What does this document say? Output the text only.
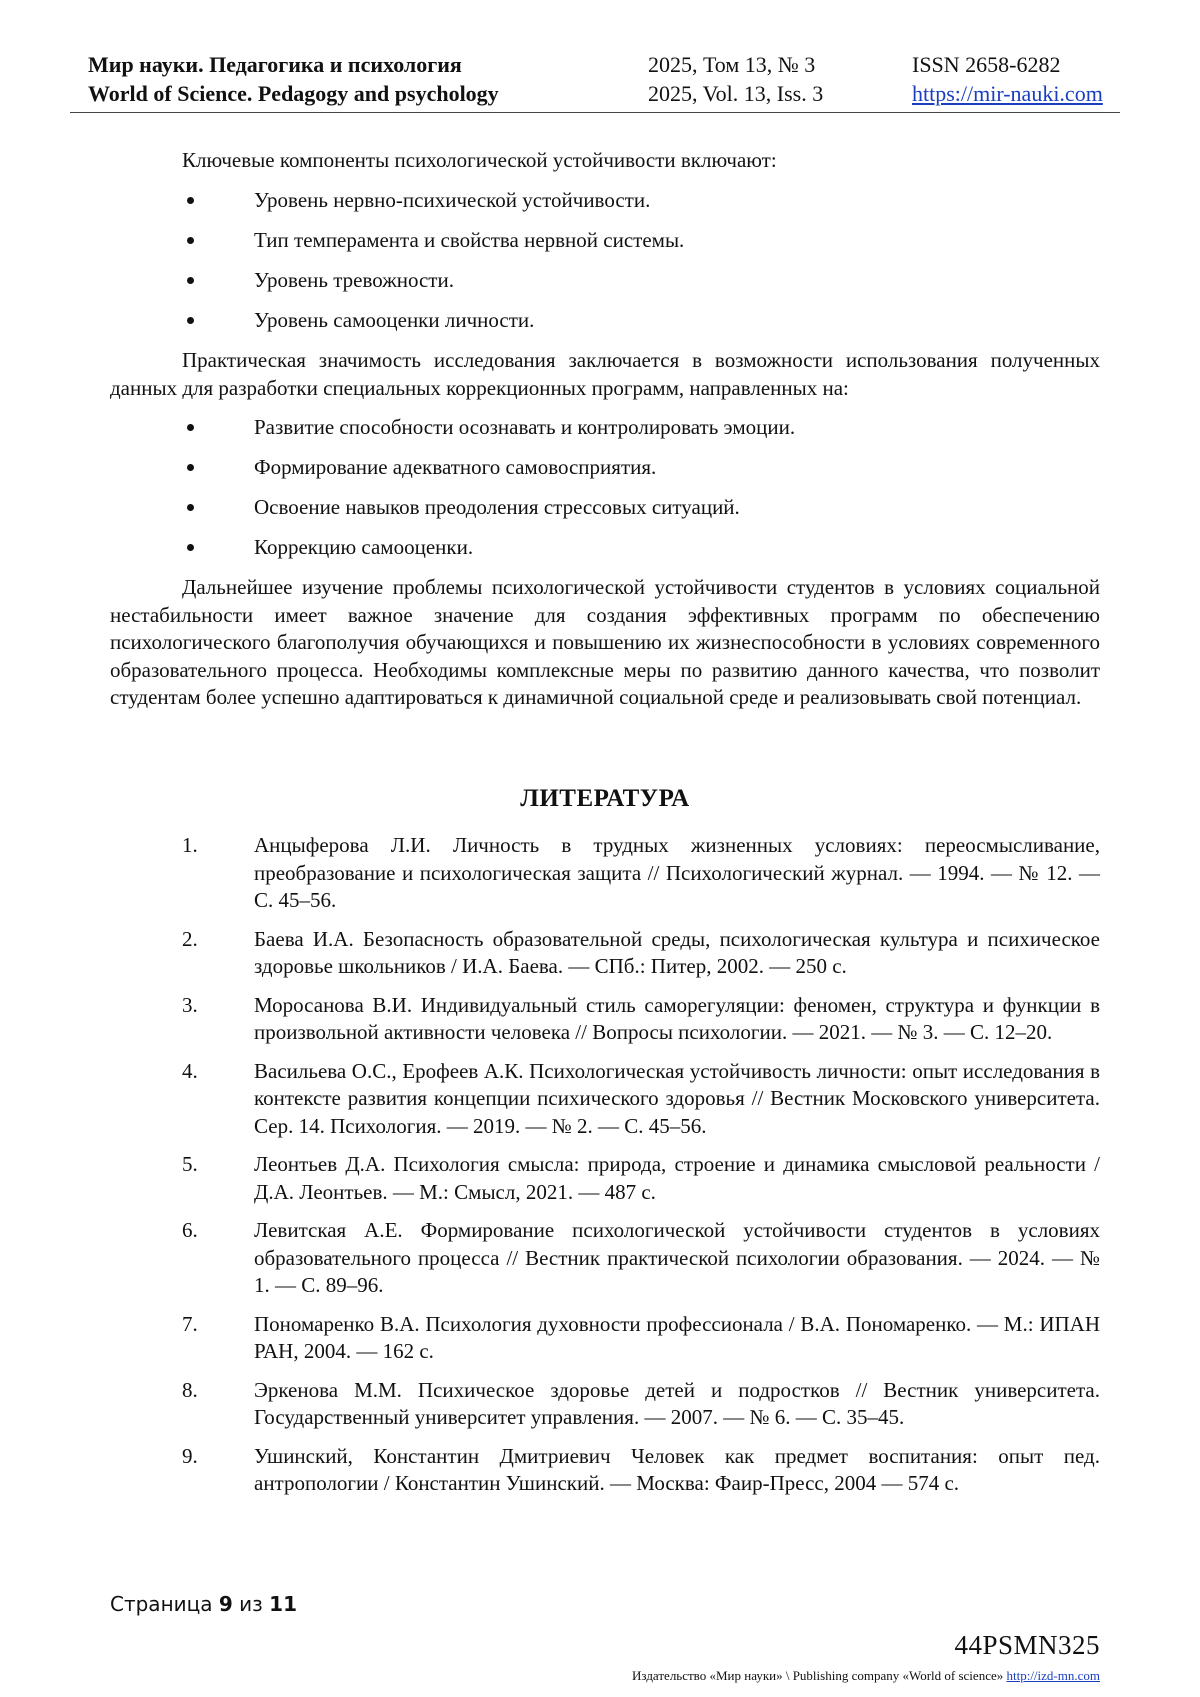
Мир науки. Педагогика и психология
World of Science. Pedagogy and psychology
2025, Том 13, № 3
2025, Vol. 13, Iss. 3
ISSN 2658-6282
https://mir-nauki.com

Ключевые компоненты психологической устойчивости включают:

Уровень нервно-психической устойчивости.
Тип темперамента и свойства нервной системы.
Уровень тревожности.
Уровень самооценки личности.

Практическая значимость исследования заключается в возможности использования полученных данных для разработки специальных коррекционных программ, направленных на:

Развитие способности осознавать и контролировать эмоции.
Формирование адекватного самовосприятия.
Освоение навыков преодоления стрессовых ситуаций.
Коррекцию самооценки.

Дальнейшее изучение проблемы психологической устойчивости студентов в условиях социальной нестабильности имеет важное значение для создания эффективных программ по обеспечению психологического благополучия обучающихся и повышению их жизнеспособности в условиях современного образовательного процесса. Необходимы комплексные меры по развитию данного качества, что позволит студентам более успешно адаптироваться к динамичной социальной среде и реализовывать свой потенциал.

ЛИТЕРАТУРА
1.	Анцыферова Л.И. Личность в трудных жизненных условиях: переосмысливание, преобразование и психологическая защита // Психологический журнал. — 1994. — № 12. — С. 45–56.
2.	Баева И.А. Безопасность образовательной среды, психологическая культура и психическое здоровье школьников / И.А. Баева. — СПб.: Питер, 2002. — 250 с.
3.	Моросанова В.И. Индивидуальный стиль саморегуляции: феномен, структура и функции в произвольной активности человека // Вопросы психологии. — 2021. — № 3. — С. 12–20.
4.	Васильева О.С., Ерофеев А.К. Психологическая устойчивость личности: опыт исследования в контексте развития концепции психического здоровья // Вестник Московского университета. Сер. 14. Психология. — 2019. — № 2. — С. 45–56.
5.	Леонтьев Д.А. Психология смысла: природа, строение и динамика смысловой реальности / Д.А. Леонтьев. — М.: Смысл, 2021. — 487 с.
6.	Левитская А.Е. Формирование психологической устойчивости студентов в условиях образовательного процесса // Вестник практической психологии образования. — 2024. — № 1. — С. 89–96.
7.	Пономаренко В.А. Психология духовности профессионала / В.А. Пономаренко. — М.: ИПАН РАН, 2004. — 162 с.
8.	Эркенова М.М. Психическое здоровье детей и подростков // Вестник университета. Государственный университет управления. — 2007. — № 6. — С. 35–45.
9.	Ушинский, Константин Дмитриевич Человек как предмет воспитания: опыт пед. антропологии / Константин Ушинский. — Москва: Фаир-Пресс, 2004 — 574 с.
Страница 9 из 11
44PSMN325
Издательство «Мир науки» \ Publishing company «World of science» http://izd-mn.com
